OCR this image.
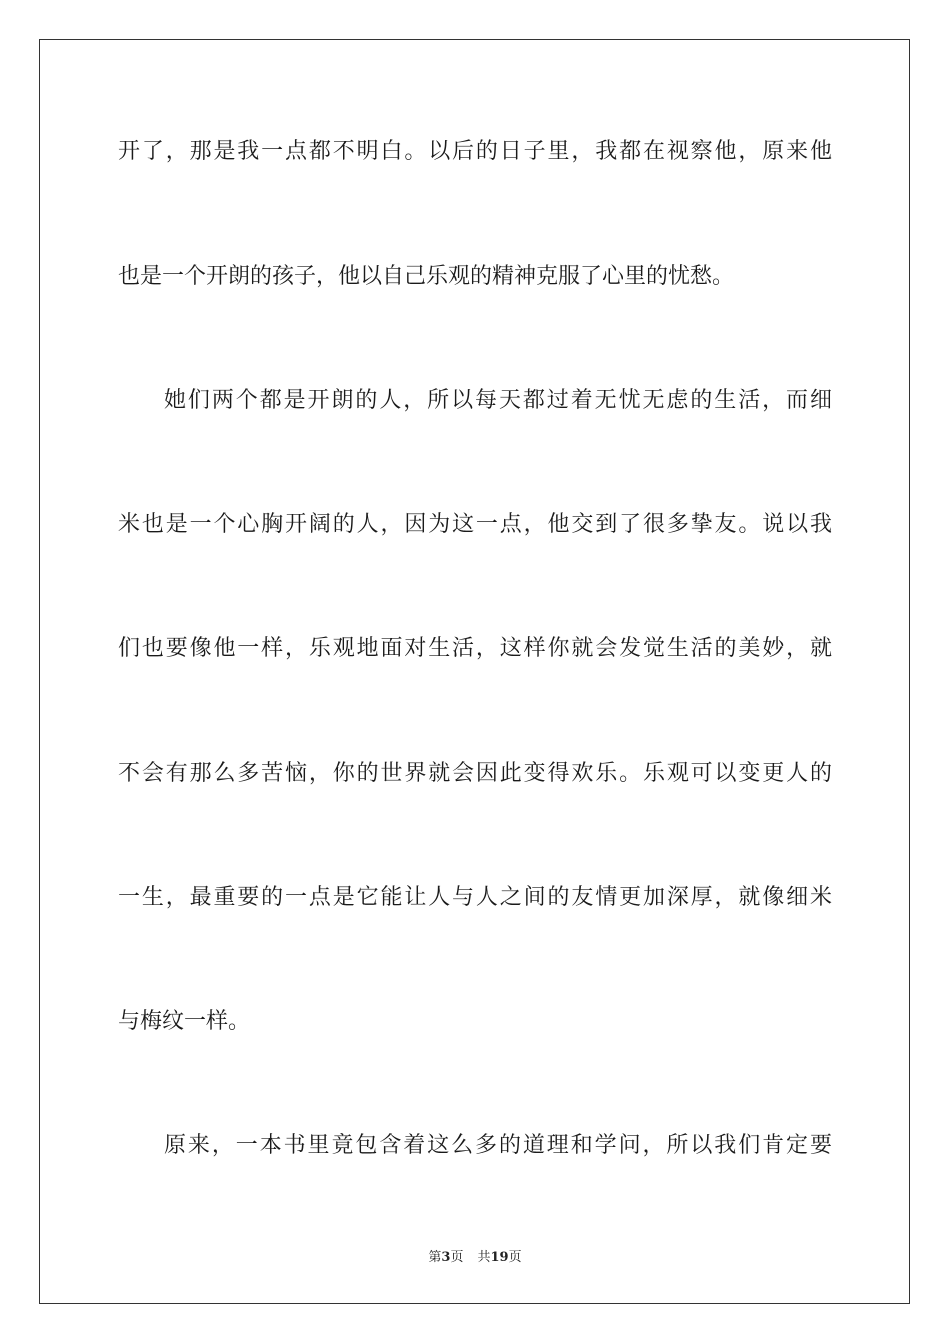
开了，那是我一点都不明白。以后的日子里，我都在视察他，原来他
也是一个开朗的孩子，他以自己乐观的精神克服了心里的忧愁。
她们两个都是开朗的人，所以每天都过着无忧无虑的生活，而细
米也是一个心胸开阔的人，因为这一点，他交到了很多挚友。说以我
们也要像他一样，乐观地面对生活，这样你就会发觉生活的美妙，就
不会有那么多苦恼，你的世界就会因此变得欢乐。乐观可以变更人的
一生，最重要的一点是它能让人与人之间的友情更加深厚，就像细米
与梅纹一样。
原来，一本书里竟包含着这么多的道理和学问，所以我们肯定要
第3页 共19页
